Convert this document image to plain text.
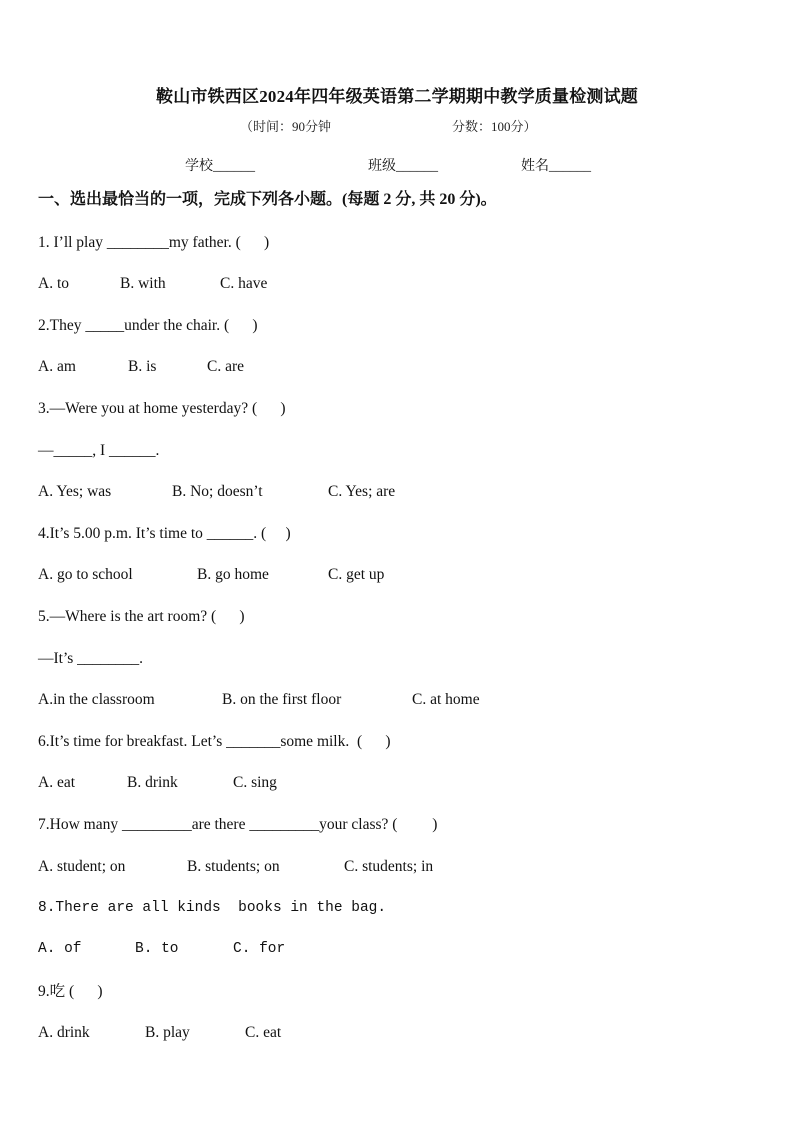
鞍山市铁西区2024年四年级英语第二学期期中教学质量检测试题
（时间：90分钟	分数：100分）
学校______	班级______	姓名______
一、选出最恰当的一项，完成下列各小题。(每题 2 分, 共 20 分)。
1. I’ll play ________my father. (      )
A. to	B. with	C. have
2.They _____under the chair. (      )
A. am	B. is	C. are
3.—Were you at home yesterday? (      )
—_____, I ______.
A. Yes; was	B. No; doesn’t	C. Yes; are
4.It’s 5.00 p.m. It’s time to ______. (     )
A. go to school	B. go home	C. get up
5.—Where is the art room? (      )
—It’s ________.
A.in the classroom	B. on the first floor	C. at home
6.It’s time for breakfast. Let’s _______some milk.  (      )
A. eat	B. drink	C. sing
7.How many _________are there _________your class? (         )
A. student; on	B. students; on	C. students; in
8.There are all kinds  books in the bag.
A. of	B. to	C. for
9.吃 (      )
A. drink	B. play	C. eat
